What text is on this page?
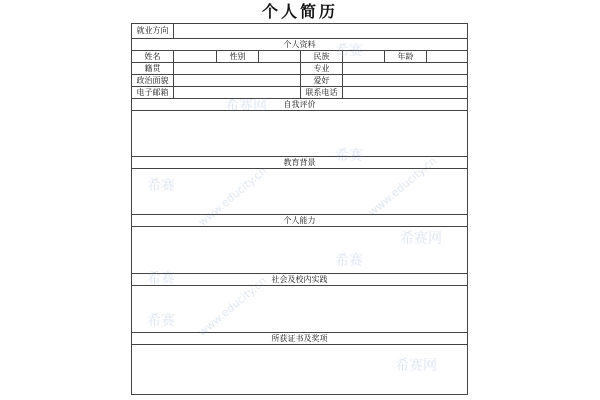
个人简历
就业方向
个人资料
姓名	性别	民族	年龄
籍贯	专业
政治面貌	爱好
电子邮箱	联系电话
自我评价
教育背景
个人能力
社会及校内实践
所获证书及奖项
希赛
希赛
希赛
希赛
希赛
希赛
www.educity.cn	www.educity.cn
www.educity.cn
希赛网
希赛网
希赛网
